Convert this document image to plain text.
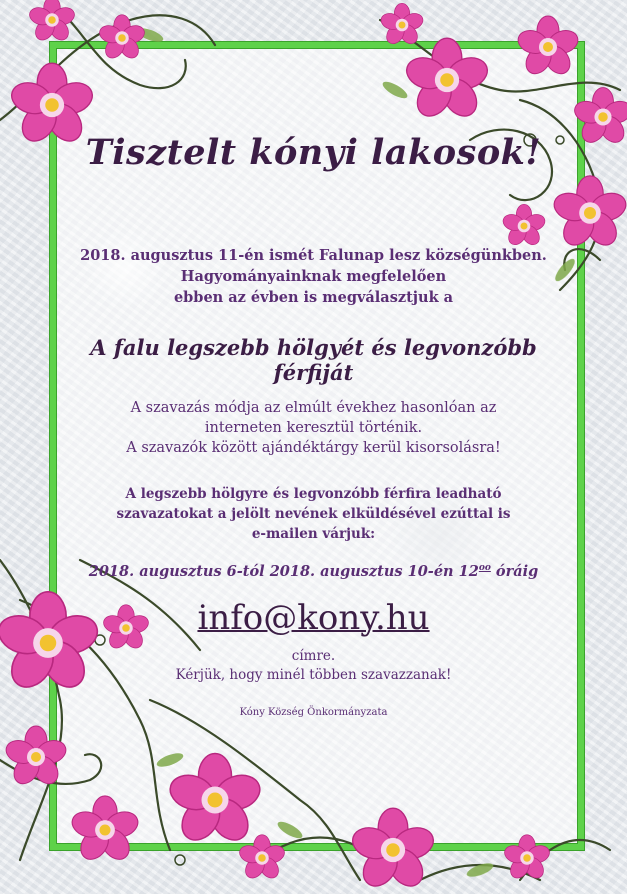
Tisztelt kónyi lakosok!
2018. augusztus 11-én ismét Falunap lesz községünkben.
Hagyományainknak megfelelően
ebben az évben is megválasztjuk a
A falu legszebb hölgyét és legvonzóbb férfiját
A szavazás módja az elmúlt évekhez hasonlóan az
interneten keresztül történik.
A szavazók között ajándéktárgy kerül kisorsolásra!
A legszebb hölgyre és legvonzóbb férfira leadható
szavazatokat a jelölt nevének elküldésével ezúttal is
e-mailen várjuk:
2018. augusztus 6-tól 2018. augusztus 10-én $12^{oo}$ óráig
info@kony.hu
címre.
Kérjük, hogy minél többen szavazzanak!
Kóny Község Önkormányzata
